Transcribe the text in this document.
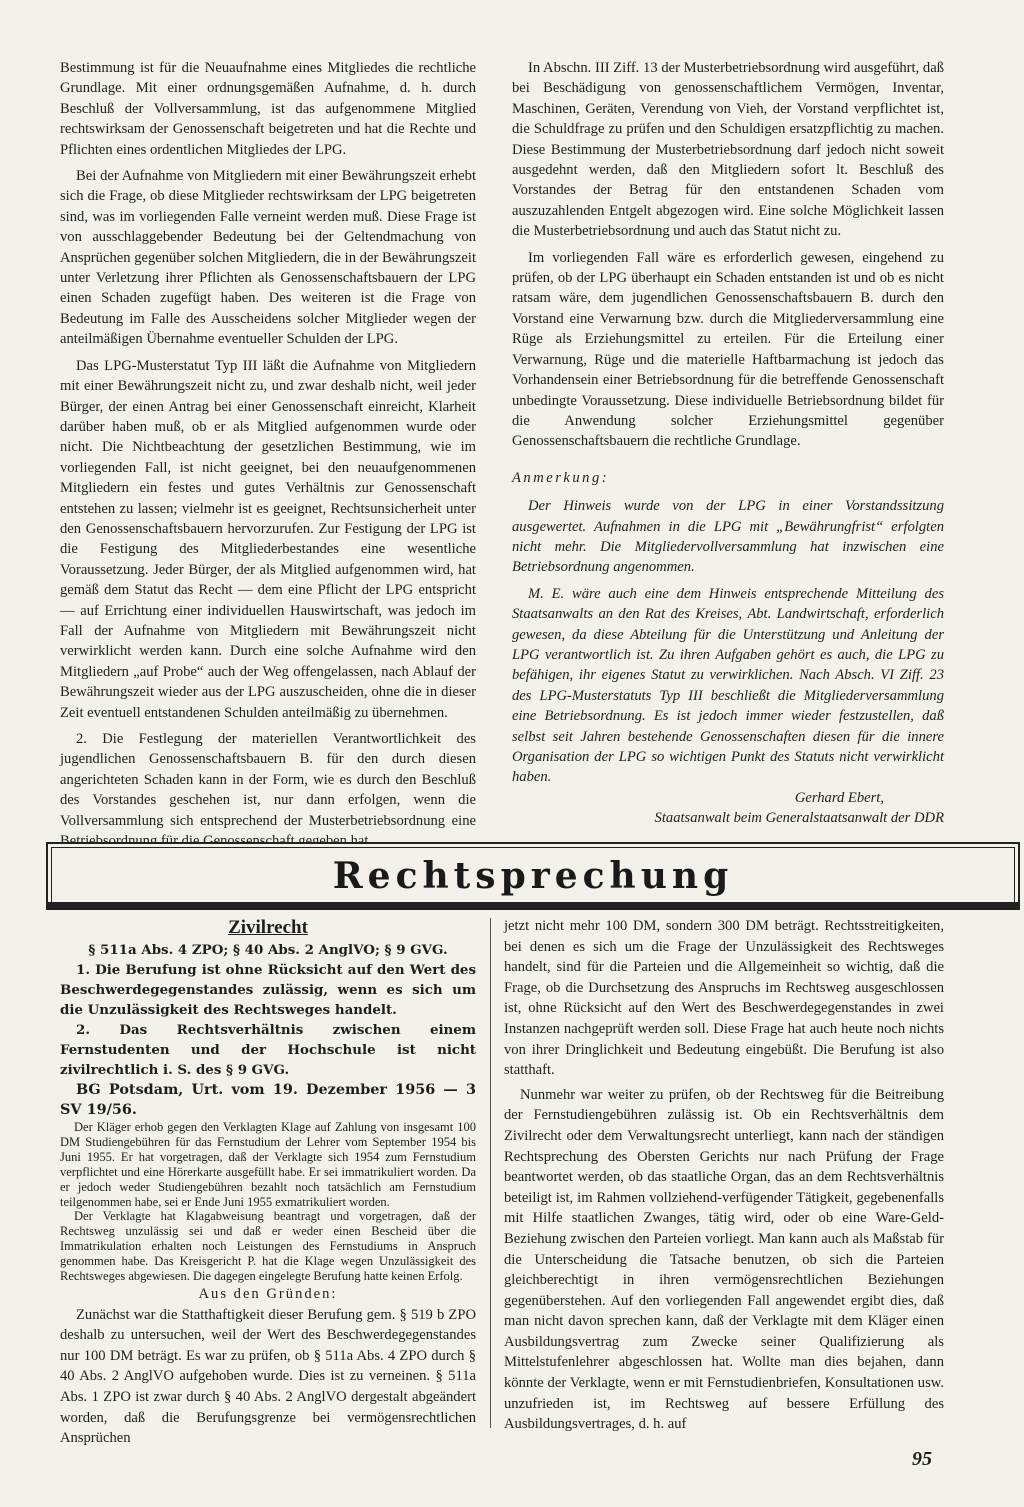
Bestimmung ist für die Neuaufnahme eines Mitgliedes die rechtliche Grundlage. Mit einer ordnungsgemäßen Aufnahme, d. h. durch Beschluß der Vollversammlung, ist das aufgenommene Mitglied rechtswirksam der Genossenschaft beigetreten und hat die Rechte und Pflichten eines ordentlichen Mitgliedes der LPG.

Bei der Aufnahme von Mitgliedern mit einer Bewährungszeit erhebt sich die Frage, ob diese Mitglieder rechtswirksam der LPG beigetreten sind, was im vorliegenden Falle verneint werden muß. Diese Frage ist von ausschlaggebender Bedeutung bei der Geltendmachung von Ansprüchen gegenüber solchen Mitgliedern, die in der Bewährungszeit unter Verletzung ihrer Pflichten als Genossenschaftsbauern der LPG einen Schaden zugefügt haben. Des weiteren ist die Frage von Bedeutung im Falle des Ausscheidens solcher Mitglieder wegen der anteilmäßigen Übernahme eventueller Schulden der LPG.

Das LPG-Musterstatut Typ III läßt die Aufnahme von Mitgliedern mit einer Bewährungszeit nicht zu, und zwar deshalb nicht, weil jeder Bürger, der einen Antrag bei einer Genossenschaft einreicht, Klarheit darüber haben muß, ob er als Mitglied aufgenommen wurde oder nicht. Die Nichtbeachtung der gesetzlichen Bestimmung, wie im vorliegenden Fall, ist nicht geeignet, bei den neuaufgenommenen Mitgliedern ein festes und gutes Verhältnis zur Genossenschaft entstehen zu lassen; vielmehr ist es geeignet, Rechtsunsicherheit unter den Genossenschaftsbauern hervorzurufen. Zur Festigung der LPG ist die Festigung des Mitgliederbestandes eine wesentliche Voraussetzung. Jeder Bürger, der als Mitglied aufgenommen wird, hat gemäß dem Statut das Recht — dem eine Pflicht der LPG entspricht — auf Errichtung einer individuellen Hauswirtschaft, was jedoch im Fall der Aufnahme von Mitgliedern mit Bewährungszeit nicht verwirklicht werden kann. Durch eine solche Aufnahme wird den Mitgliedern „auf Probe“ auch der Weg offengelassen, nach Ablauf der Bewährungszeit wieder aus der LPG auszuscheiden, ohne die in dieser Zeit eventuell entstandenen Schulden anteilmäßig zu übernehmen.

2. Die Festlegung der materiellen Verantwortlichkeit des jugendlichen Genossenschaftsbauern B. für den durch diesen angerichteten Schaden kann in der Form, wie es durch den Beschluß des Vorstandes geschehen ist, nur dann erfolgen, wenn die Vollversammlung sich entsprechend der Musterbetriebsordnung eine

In Abschn. III Ziff. 13 der Musterbetriebsordnung wird ausgeführt, daß bei Beschädigung von genossenschaftlichem Vermögen, Inventar, Maschinen, Geräten, Verendung von Vieh, der Vorstand verpflichtet ist, die Schuldfrage zu prüfen und den Schuldigen ersatzpflichtig zu machen. Diese Bestimmung der Musterbetriebsordnung darf jedoch nicht soweit ausgedehnt werden, daß den Mitgliedern sofort lt. Beschluß des Vorstandes der Betrag für den entstandenen Schaden vom auszuzahlenden Entgelt abgezogen wird. Eine solche Möglichkeit lassen die Musterbetriebsordnung und auch das Statut nicht zu.

Im vorliegenden Fall wäre es erforderlich gewesen, eingehend zu prüfen, ob der LPG überhaupt ein Schaden entstanden ist und ob es nicht ratsam wäre, dem jugendlichen Genossenschaftsbauern B. durch den Vorstand eine Verwarnung bzw. durch die Mitgliederversammlung eine Rüge als Erziehungsmittel zu erteilen. Für die Erteilung einer Verwarnung, Rüge und die materielle Haftbarmachung ist jedoch das Vorhandensein einer Betriebsordnung für die betreffende Genossenschaft unbedingte Voraussetzung. Diese individuelle Betriebsordnung bildet für die Anwendung solcher Erziehungsmittel gegenüber Genossenschaftsbauern die rechtliche Grundlage.

Anmerkung:

Der Hinweis wurde von der LPG in einer Vorstandssitzung ausgewertet. Aufnahmen in die LPG mit „Bewährungfrist“ erfolgten nicht mehr. Die Mitgliedervollversammlung hat inzwischen eine Betriebsordnung angenommen.

M. E. wäre auch eine dem Hinweis entsprechende Mitteilung des Staatsanwalts an den Rat des Kreises, Abt. Landwirtschaft, erforderlich gewesen, da diese Abteilung für die Unterstützung und Anleitung der LPG verantwortlich ist. Zu ihren Aufgaben gehört es auch, die LPG zu befähigen, ihr eigenes Statut zu verwirklichen. Nach Absch. VI Ziff. 23 des LPG-Musterstatuts Typ III beschließt die Mitgliederversammlung eine Betriebsordnung. Es ist jedoch immer wieder festzustellen, daß selbst seit Jahren bestehende Genossenschaften diesen für die innere Organisation der LPG so wichtigen Punkt des Statuts nicht verwirklicht haben.

Gerhard Ebert,

Staatsanwalt beim Generalstaatsanwalt der DDR

Rechtsprechung

Zivilrecht

§ 511a Abs. 4 ZPO; § 40 Abs. 2 AnglVO; § 9 GVG.

1. Die Berufung ist ohne Rücksicht auf den Wert des Beschwerdegegenstandes zulässig, wenn es sich um die Unzulässigkeit des Rechtsweges handelt.

2. Das Rechtsverhältnis zwischen einem Fernstudenten und der Hochschule ist nicht zivilrechtlich i. S. des § 9 GVG.

BG Potsdam, Urt. vom 19. Dezember 1956 — 3 SV 19/56.

Der Kläger erhob gegen den Verklagten Klage auf Zahlung von insgesamt 100 DM Studiengebühren für das Fernstudium der Lehrer vom September 1954 bis Juni 1955. Er hat vorgetragen, daß der Verklagte sich 1954 zum Fernstudium verpflichtet und eine Hörerkarte ausgefüllt habe. Er sei immatrikuliert worden. Da er jedoch weder Studiengebühren bezahlt noch tatsächlich am Fernstudium teilgenommen habe, sei er Ende Juni 1955 exmatrikuliert worden.

Der Verklagte hat Klagabweisung beantragt und vorgetragen, daß der Rechtsweg unzulässig sei und daß er weder einen Bescheid über die Immatrikulation erhalten noch Leistungen des Fernstudiums in Anspruch genommen habe. Das Kreisgericht P. hat die Klage wegen Unzulässigkeit des Rechtsweges abgewiesen. Die dagegen eingelegte Berufung hatte keinen Erfolg.

Aus den Gründen:

Zunächst war die Statthaftigkeit dieser Berufung gem. § 519 b ZPO deshalb zu untersuchen, weil der Wert des Beschwerdegegenstandes nur 100 DM beträgt. Es war zu prüfen, ob § 511a Abs. 4 ZPO durch § 40 Abs. 2 AnglVO aufgehoben wurde. Dies ist zu verneinen. § 511a Abs. 1 ZPO ist zwar durch § 40 Abs. 2 AnglVO dergestalt abgeändert worden, daß die Berufungsgrenze bei vermögensrechtlichen Ansprüchen

jetzt nicht mehr 100 DM, sondern 300 DM beträgt. Rechtsstreitigkeiten, bei denen es sich um die Frage der Unzulässigkeit des Rechtsweges handelt, sind für die Parteien und die Allgemeinheit so wichtig, daß die Frage, ob die Durchsetzung des Anspruchs im Rechtsweg ausgeschlossen ist, ohne Rücksicht auf den Wert des Beschwerdegegenstandes in zwei Instanzen nachgeprüft werden soll. Diese Frage hat auch heute noch nichts von ihrer Dringlichkeit und Bedeutung eingebüßt. Die Berufung ist also statthaft.

Nunmehr war weiter zu prüfen, ob der Rechtsweg für die Beitreibung der Fernstudiengebühren zulässig ist. Ob ein Rechtsverhältnis dem Zivilrecht oder dem Verwaltungsrecht unterliegt, kann nach der ständigen Rechtsprechung des Obersten Gerichts nur nach Prüfung der Frage beantwortet werden, ob das staatliche Organ, das an dem Rechtsverhältnis beteiligt ist, im Rahmen vollziehend-verfügender Tätigkeit, gegebenenfalls mit Hilfe staatlichen Zwanges, tätig wird, oder ob eine Ware-Geld-Beziehung zwischen den Parteien vorliegt. Man kann auch als Maßstab für die Unterscheidung die Tatsache benutzen, ob sich die Parteien gleichberechtigt in ihren vermögensrechtlichen Beziehungen gegenüberstehen. Auf den vorliegenden Fall angewendet ergibt dies, daß man nicht davon sprechen kann, daß der Verklagte mit dem Kläger einen Ausbildungsvertrag zum Zwecke seiner Qualifizierung als Mittelstufenlehrer abgeschlossen hat. Wollte man dies bejahen, dann könnte der Verklagte, wenn er mit Fernstudienbriefen, Konsultationen usw. unzufrieden ist, im Rechtsweg auf bessere Erfüllung des Ausbildungsvertrages, d. h. auf

95
